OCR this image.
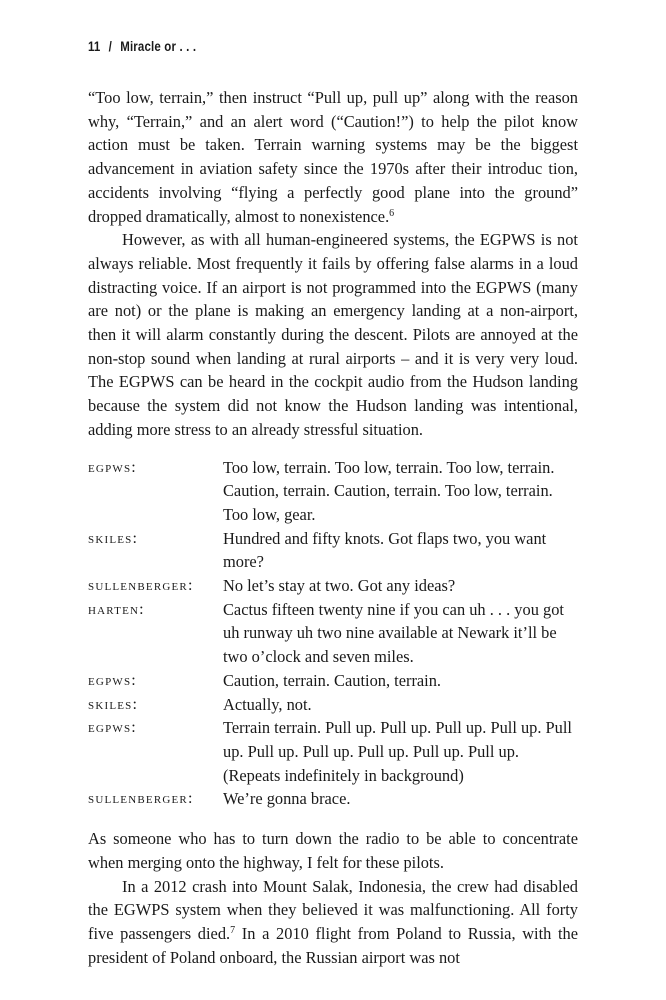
11 / Miracle or . . .

“Too low, terrain,” then instruct “Pull up, pull up” along with the reason why, “Terrain,” and an alert word (“Caution!”) to help the pilot know action must be taken. Terrain warning systems may be the biggest advancement in aviation safety since the 1970s after their introduc tion, accidents involving “flying a perfectly good plane into the ground” dropped dramatically, almost to nonexistence.$^6$

However, as with all human-engineered systems, the EGPWS is not always reliable. Most frequently it fails by offering false alarms in a loud distracting voice. If an airport is not programmed into the EGPWS (many are not) or the plane is making an emergency landing at a non-airport, then it will alarm constantly during the descent. Pilots are annoyed at the non-stop sound when landing at rural airports – and it is very very loud. The EGPWS can be heard in the cockpit audio from the Hudson landing because the system did not know the Hudson landing was intentional, adding more stress to an already stressful situation.

egpws:	Too low, terrain. Too low, terrain. Too low, terrain. Caution, terrain. Caution, terrain. Too low, terrain. Too low, gear.
skiles:	Hundred and fifty knots. Got flaps two, you want more?
sullenberger:	No let’s stay at two. Got any ideas?
harten:	Cactus fifteen twenty nine if you can uh . . . you got uh runway uh two nine available at Newark it’ll be two o’clock and seven miles.
egpws:	Caution, terrain. Caution, terrain.
skiles:	Actually, not.
egpws:	Terrain terrain. Pull up. Pull up. Pull up. Pull up. Pull up. Pull up. Pull up. Pull up. Pull up. Pull up. (Repeats indefinitely in background)
sullenberger:	We’re gonna brace.

As someone who has to turn down the radio to be able to concentrate when merging onto the highway, I felt for these pilots.

In a 2012 crash into Mount Salak, Indonesia, the crew had disabled the EGWPS system when they believed it was malfunctioning. All forty five passengers died.$^7$ In a 2010 flight from Poland to Russia, with the president of Poland onboard, the Russian airport was not
